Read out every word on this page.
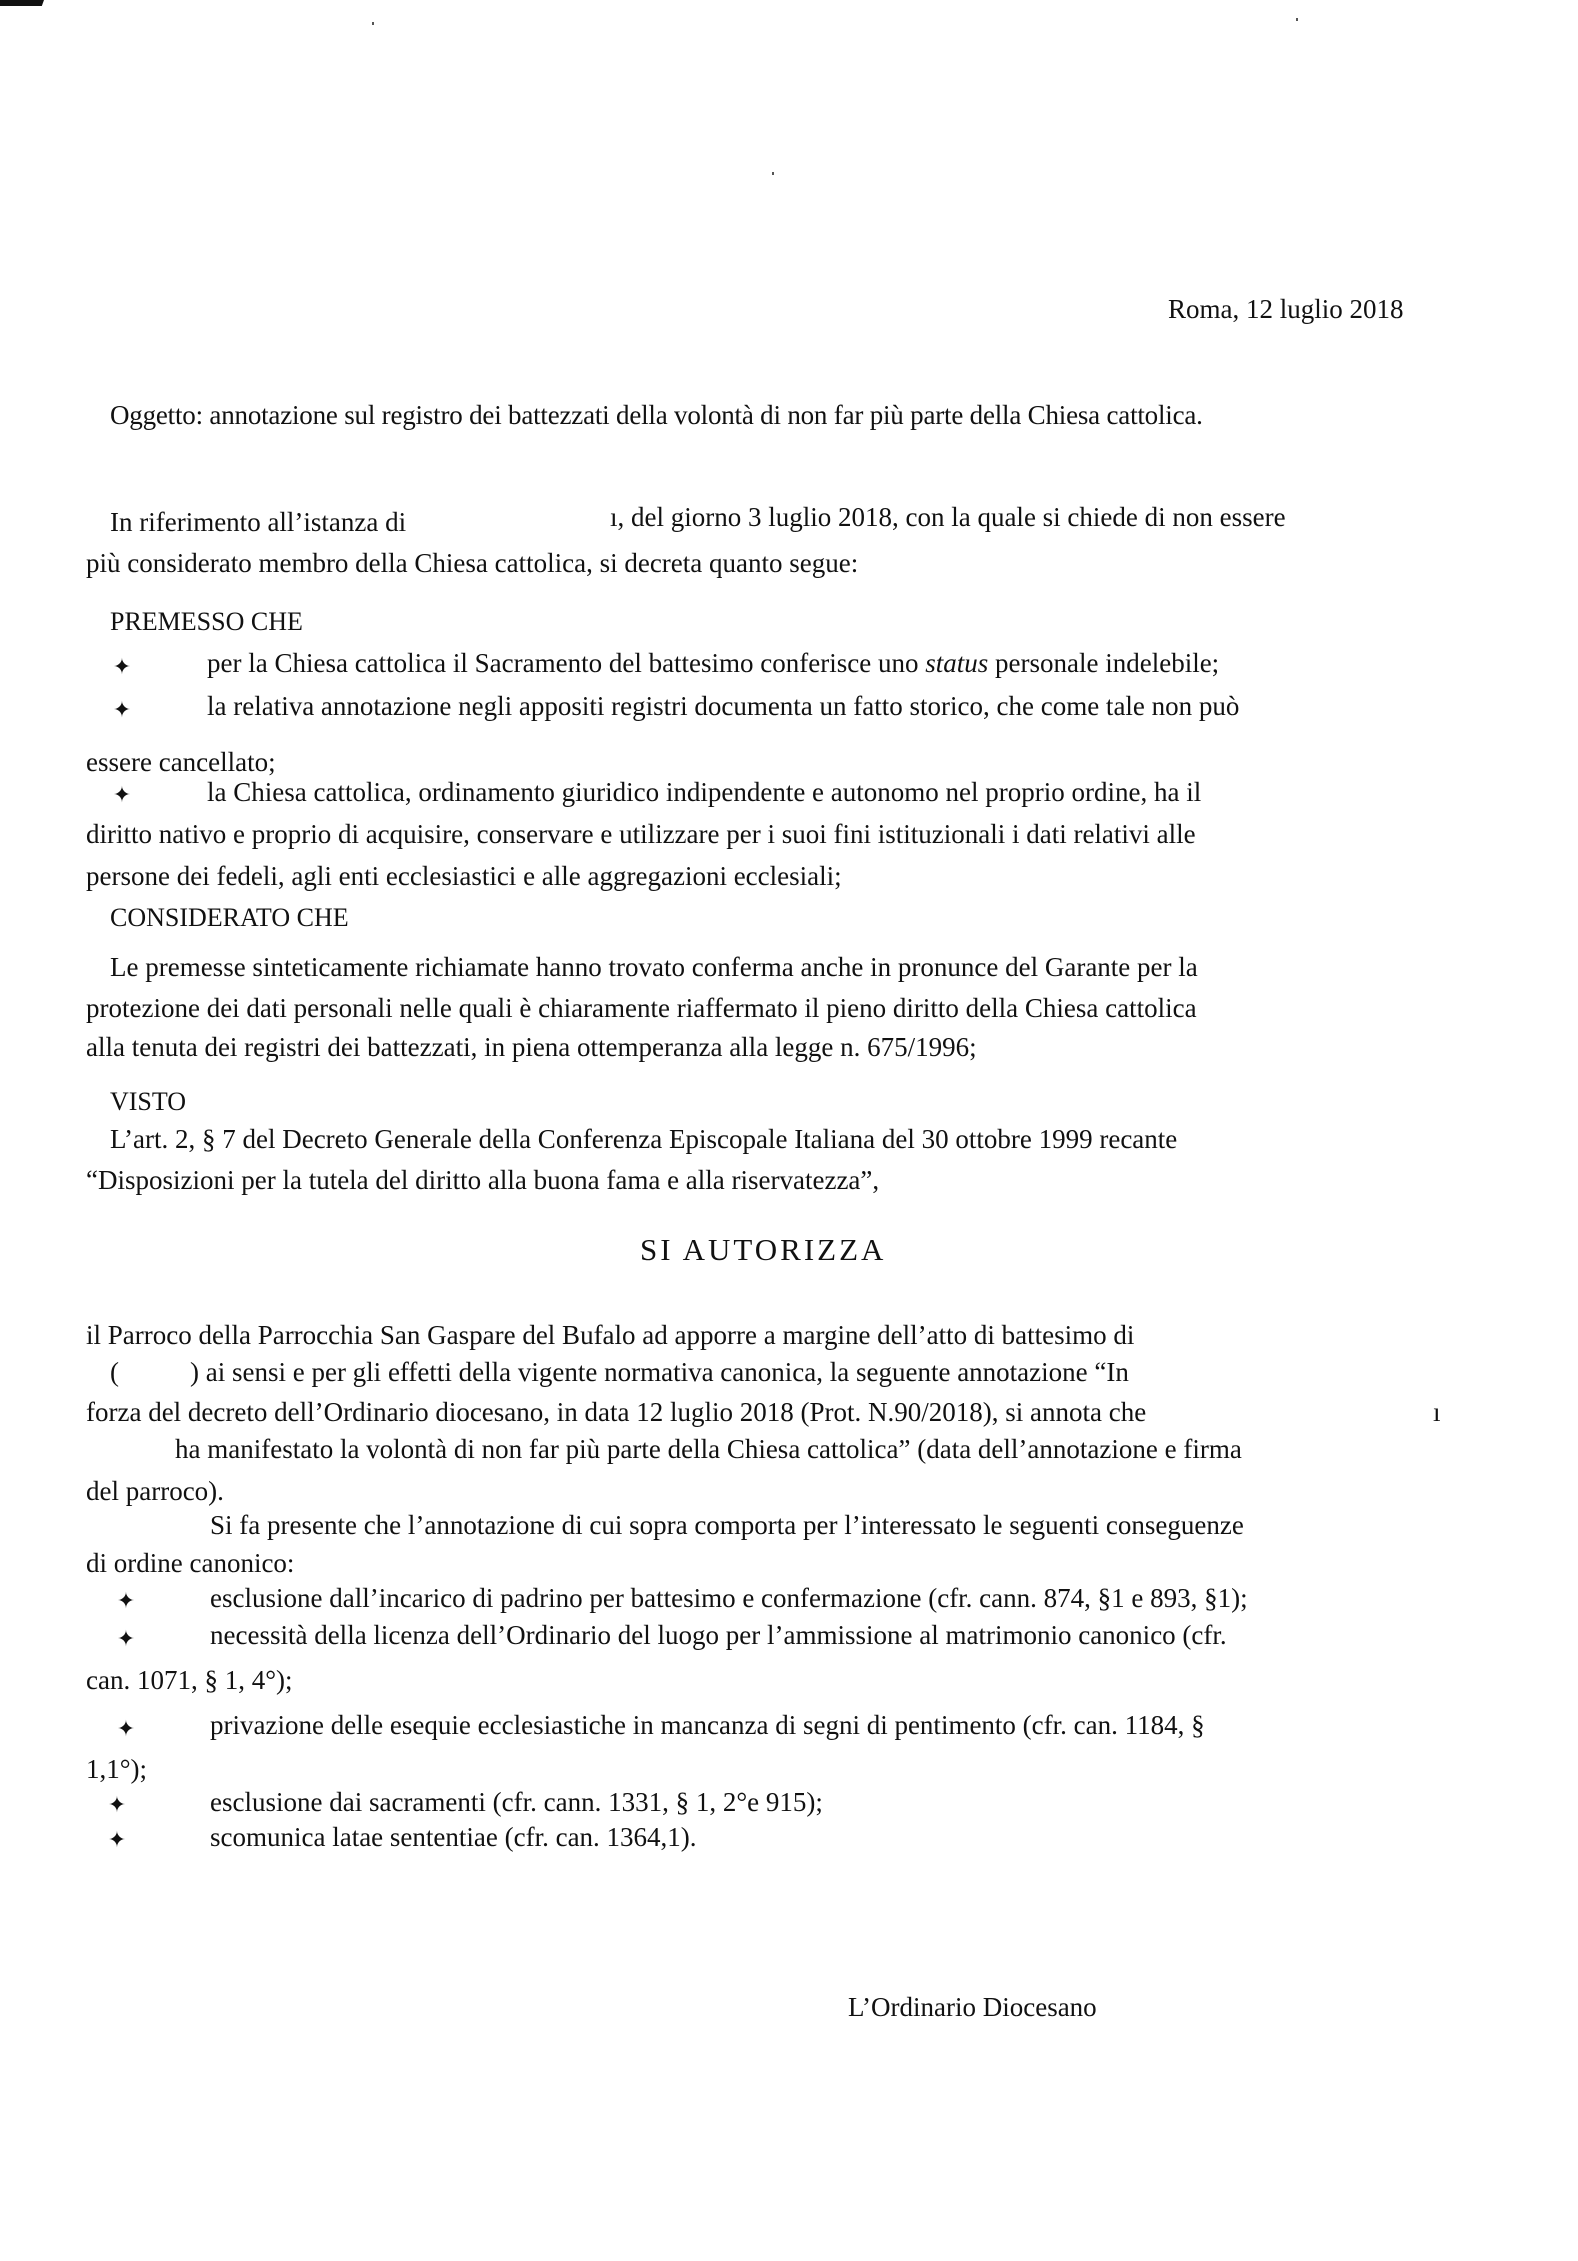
Roma, 12 luglio 2018
Oggetto: annotazione sul registro dei battezzati della volontà di non far più parte della Chiesa cattolica.
In riferimento all’istanza di	ı, del giorno 3 luglio 2018, con la quale si chiede di non essere
più considerato membro della Chiesa cattolica, si decreta quanto segue:
PREMESSO CHE
✦	per la Chiesa cattolica il Sacramento del battesimo conferisce uno status personale indelebile;
✦	la relativa annotazione negli appositi registri documenta un fatto storico, che come tale non può
essere cancellato;
✦	la Chiesa cattolica, ordinamento giuridico indipendente e autonomo nel proprio ordine, ha il
diritto nativo e proprio di acquisire, conservare e utilizzare per i suoi fini istituzionali i dati relativi alle
persone dei fedeli, agli enti ecclesiastici e alle aggregazioni ecclesiali;
CONSIDERATO CHE
Le premesse sinteticamente richiamate hanno trovato conferma anche in pronunce del Garante per la
protezione dei dati personali nelle quali è chiaramente riaffermato il pieno diritto della Chiesa cattolica
alla tenuta dei registri dei battezzati, in piena ottemperanza alla legge n. 675/1996;
VISTO
L’art. 2, § 7 del Decreto Generale della Conferenza Episcopale Italiana del 30 ottobre 1999 recante
“Disposizioni per la tutela del diritto alla buona fama e alla riservatezza”,
SI AUTORIZZA
il Parroco della Parrocchia San Gaspare del Bufalo ad apporre a margine dell’atto di battesimo di
(	) ai sensi e per gli effetti della vigente normativa canonica, la seguente annotazione “In
forza del decreto dell’Ordinario diocesano, in data 12 luglio 2018 (Prot. N.90/2018), si annota che	ı
ha manifestato la volontà di non far più parte della Chiesa cattolica” (data dell’annotazione e firma
del parroco).
Si fa presente che l’annotazione di cui sopra comporta per l’interessato le seguenti conseguenze
di ordine canonico:
✦	esclusione dall’incarico di padrino per battesimo e confermazione (cfr. cann. 874, §1 e 893, §1);
✦	necessità della licenza dell’Ordinario del luogo per l’ammissione al matrimonio canonico (cfr.
can. 1071, § 1, 4°);
✦	privazione delle esequie ecclesiastiche in mancanza di segni di pentimento (cfr. can. 1184, §
1,1°);
✦	esclusione dai sacramenti (cfr. cann. 1331, § 1, 2°e 915);
✦	scomunica latae sententiae (cfr. can. 1364,1).
L’Ordinario Diocesano
